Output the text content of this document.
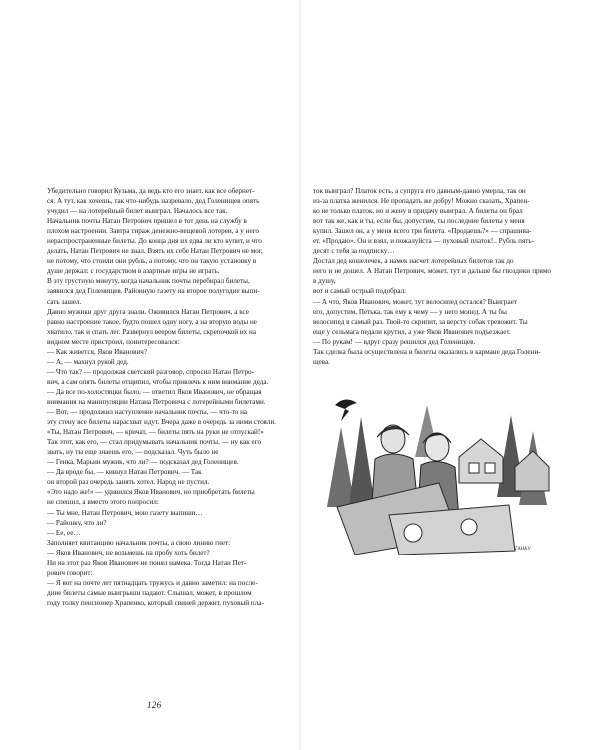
Убедительно говорил Кузьма, да ведь кто его знает, как все обернет-

ся. А тут, как хочешь, так что-нибудь назревало, дед Голенищев опять

учудил — на лотерейный билет выиграл. Началось все так.

Начальник почты Натан Петрович пришел в тот день на службу в

плохом настроении. Завтра тираж денежно-вещевой лотереи, а у него

нераспространенные билеты. До конца дня их едва ли кто купит, и что

делать, Натан Петрович не знал. Взять их себе Натан Петрович не мог,

не потому, что стоили они рубль, а потому, что он такую установку в

душе держал: с государством в азартные игры не играть.

В эту грустную минуту, когда начальник почты перебирал билеты,

заявился дед Голенищев. Районную газету на второе полугодие выпи-

сать зашел.

Давно мужики друг друга знали. Оживился Натан Петрович, а все

равно настроение такое, будто пошел одну ногу, а на вторую воды не

хватило, так и спать лег. Развернул веером билеты, скрепочкой их на

видном месте пристроил, поинтересовался:

— Как живется, Яков Иванович?

— А, — махнул рукой дед.

— Что так? — продолжая светский разговор, спросил Натан Петро-

вич, а сам опять билеты отщипил, чтобы привлечь к ним внимание деда.

— Да все по-холостяцки было, — ответил Яков Иванович, не обращая

внимания на манипуляции Натана Петровича с лотерейными билетами.

— Вот, — продолжил наступление начальник почты, — что-то на

эту стену все билеты нарасхват идут. Вчера даже в очередь за ними стояли.

«Ты, Натан Петрович, — кричат, — билеты пять на руки не отпускай!»

Так этот, как его, — стал придумывать начальник почты, — ну как его

звать, ну ты еще знаешь его, — подсказал. Чуть было не

— Генка, Марьин мужик, что ли? — подсказал дед Голенищев.

— Да вроде бы, — кивнул Натан Петрович. — Так

он второй раз очередь занять хотел. Народ не пустил.

«Это надо же!» — удивился Яков Иванович, но приобретать билеты

не спешил, а вместо этого попросил:

— Ты мне, Натан Петрович, мою газету выпиши…

— Районку, что ли?

— Ее, ее…

Заполняет квитанцию начальник почты, а свою линию гнет:

— Яков Иванович, не возьмешь на пробу хоть билет?

Ни на этот раз Яков Иванович не понял намека. Тогда Натан Пет-

рович говорит:

— Я вот на почте лет пятнадцать тружусь и давно заметил: на после-

дние билеты самые выигрыши падают. Слышал, может, в прошлом

году толку пенсионер Храпенко, который свиней держит, пуховый пла-

126

ток выиграл? Платок есть, а супруга его давным-давно умерла, так он

из-за платка женился. Не пропадать же добру! Можно сказать, Храпен-

ко не только платок, но и жену в придачу выиграл. А билеты он брал

вот так же, как и ты, если бы, допустим, ты последние билеты у меня

купил. Зашел он, а у меня всего три билета. «Продаешь?» — спрашива-

ет. «Продаю». Он и взял, и пожалуйста — пуховый платок!.. Рубль пять-

десят с тебя за подписку…

Достал дед кошелечек, а намек насчет лотерейных билетов так до

него и не дошел. А Натан Петрович, может, тут и дальше бы гвоздики прямо в душу,

вот и самый острый подобрал:

— А что, Яков Иванович, может, тут велосипед остался? Выиграет

его, допустим, Петька, так ему к чему — у него мопед. А ты бы

велосипед в самый раз. Твой-то скрипит, за версту собак тревожит. Ты

еще у сельмага педали крутил, а уже Яков Иванович подъезжает.

— По рукам! — вдруг сразу решился дед Голенищев.

Так сделка была осуществлена и билеты оказались в кармане деда Голени-

щева.

ГАНКУ
